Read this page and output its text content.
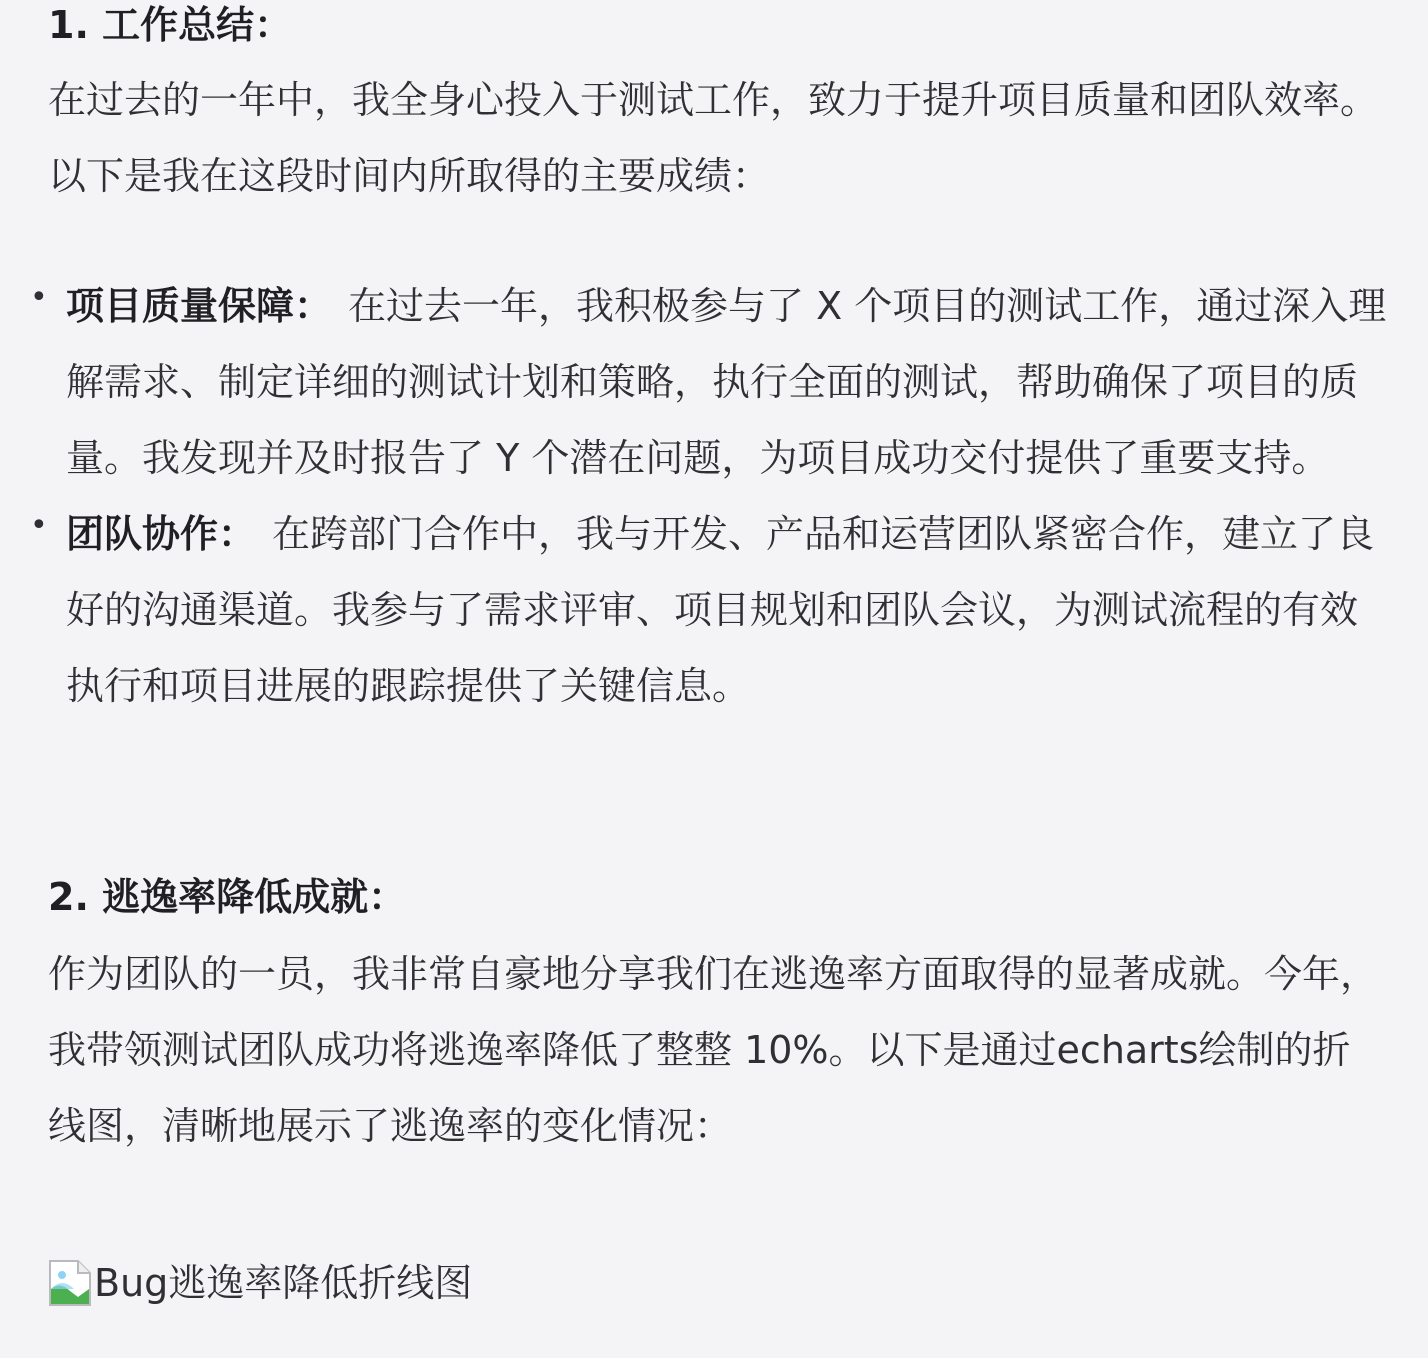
1. 工作总结：

在过去的一年中，我全身心投入于测试工作，致力于提升项目质量和团队效率。以下是我在这段时间内所取得的主要成绩：

• 项目质量保障： 在过去一年，我积极参与了 X 个项目的测试工作，通过深入理解需求、制定详细的测试计划和策略，执行全面的测试，帮助确保了项目的质量。我发现并及时报告了 Y 个潜在问题，为项目成功交付提供了重要支持。
• 团队协作： 在跨部门合作中，我与开发、产品和运营团队紧密合作，建立了良好的沟通渠道。我参与了需求评审、项目规划和团队会议，为测试流程的有效执行和项目进展的跟踪提供了关键信息。
2. 逃逸率降低成就：

作为团队的一员，我非常自豪地分享我们在逃逸率方面取得的显著成就。今年，我带领测试团队成功将逃逸率降低了整整 10%。以下是通过echarts绘制的折线图，清晰地展示了逃逸率的变化情况：

Bug逃逸率降低折线图
